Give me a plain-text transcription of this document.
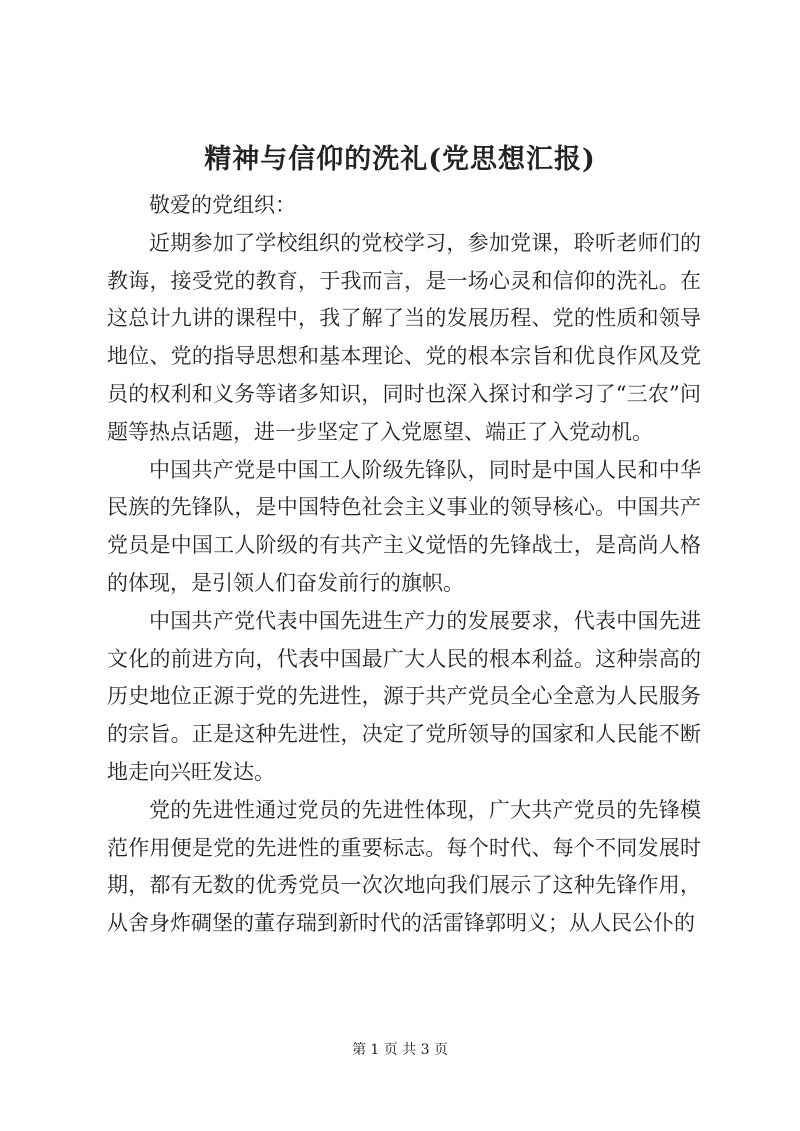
精神与信仰的洗礼(党思想汇报)

敬爱的党组织：

近期参加了学校组织的党校学习，参加党课，聆听老师们的教诲，接受党的教育，于我而言，是一场心灵和信仰的洗礼。在这总计九讲的课程中，我了解了当的发展历程、党的性质和领导地位、党的指导思想和基本理论、党的根本宗旨和优良作风及党员的权利和义务等诸多知识，同时也深入探讨和学习了“三农”问题等热点话题，进一步坚定了入党愿望、端正了入党动机。

中国共产党是中国工人阶级先锋队，同时是中国人民和中华民族的先锋队，是中国特色社会主义事业的领导核心。中国共产党员是中国工人阶级的有共产主义觉悟的先锋战士，是高尚人格的体现，是引领人们奋发前行的旗帜。

中国共产党代表中国先进生产力的发展要求，代表中国先进文化的前进方向，代表中国最广大人民的根本利益。这种崇高的历史地位正源于党的先进性，源于共产党员全心全意为人民服务的宗旨。正是这种先进性，决定了党所领导的国家和人民能不断地走向兴旺发达。

党的先进性通过党员的先进性体现，广大共产党员的先锋模范作用便是党的先进性的重要标志。每个时代、每个不同发展时期，都有无数的优秀党员一次次地向我们展示了这种先锋作用，从舍身炸碉堡的董存瑞到新时代的活雷锋郭明义；从人民公仆的

第 1 页 共 3 页
